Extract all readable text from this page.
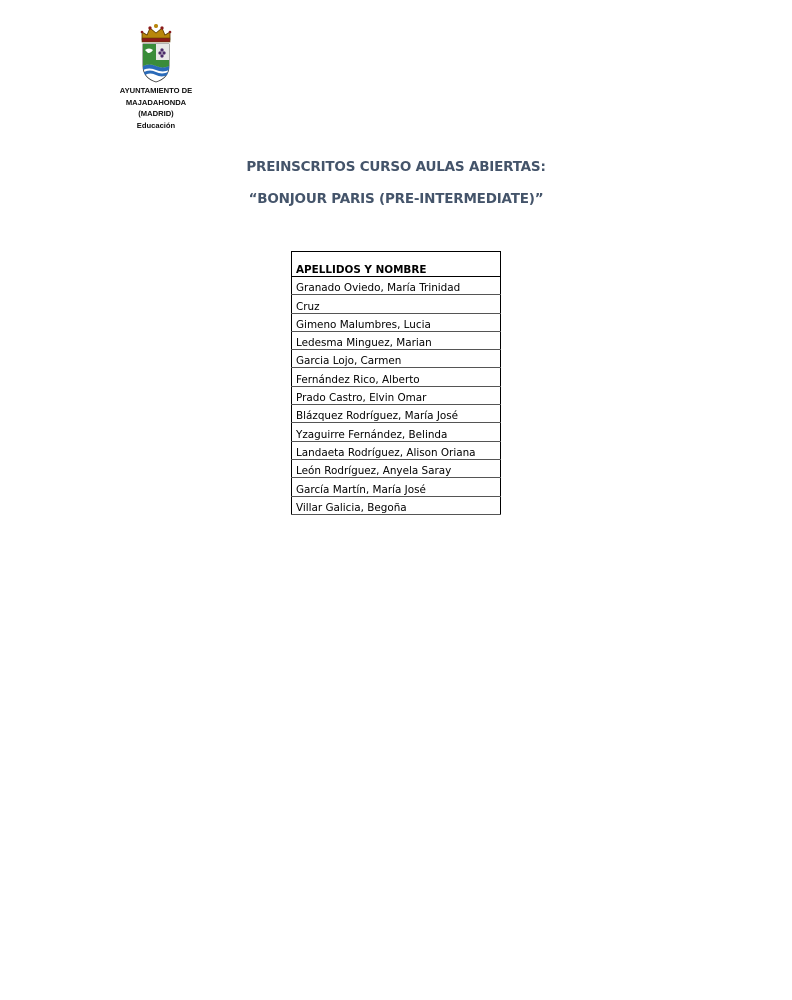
AYUNTAMIENTO DE
MAJADAHONDA
(MADRID)
Educación
PREINSCRITOS CURSO AULAS ABIERTAS:
“BONJOUR PARIS (PRE-INTERMEDIATE)”
APELLIDOS Y NOMBRE
Granado Oviedo, María Trinidad
Cruz
Gimeno Malumbres, Lucia
Ledesma Minguez, Marian
Garcia Lojo, Carmen
Fernández Rico, Alberto
Prado Castro, Elvin Omar
Blázquez Rodríguez, María José
Yzaguirre Fernández, Belinda
Landaeta Rodríguez, Alison Oriana
León Rodríguez, Anyela Saray
García Martín, María José
Villar Galicia, Begoña
